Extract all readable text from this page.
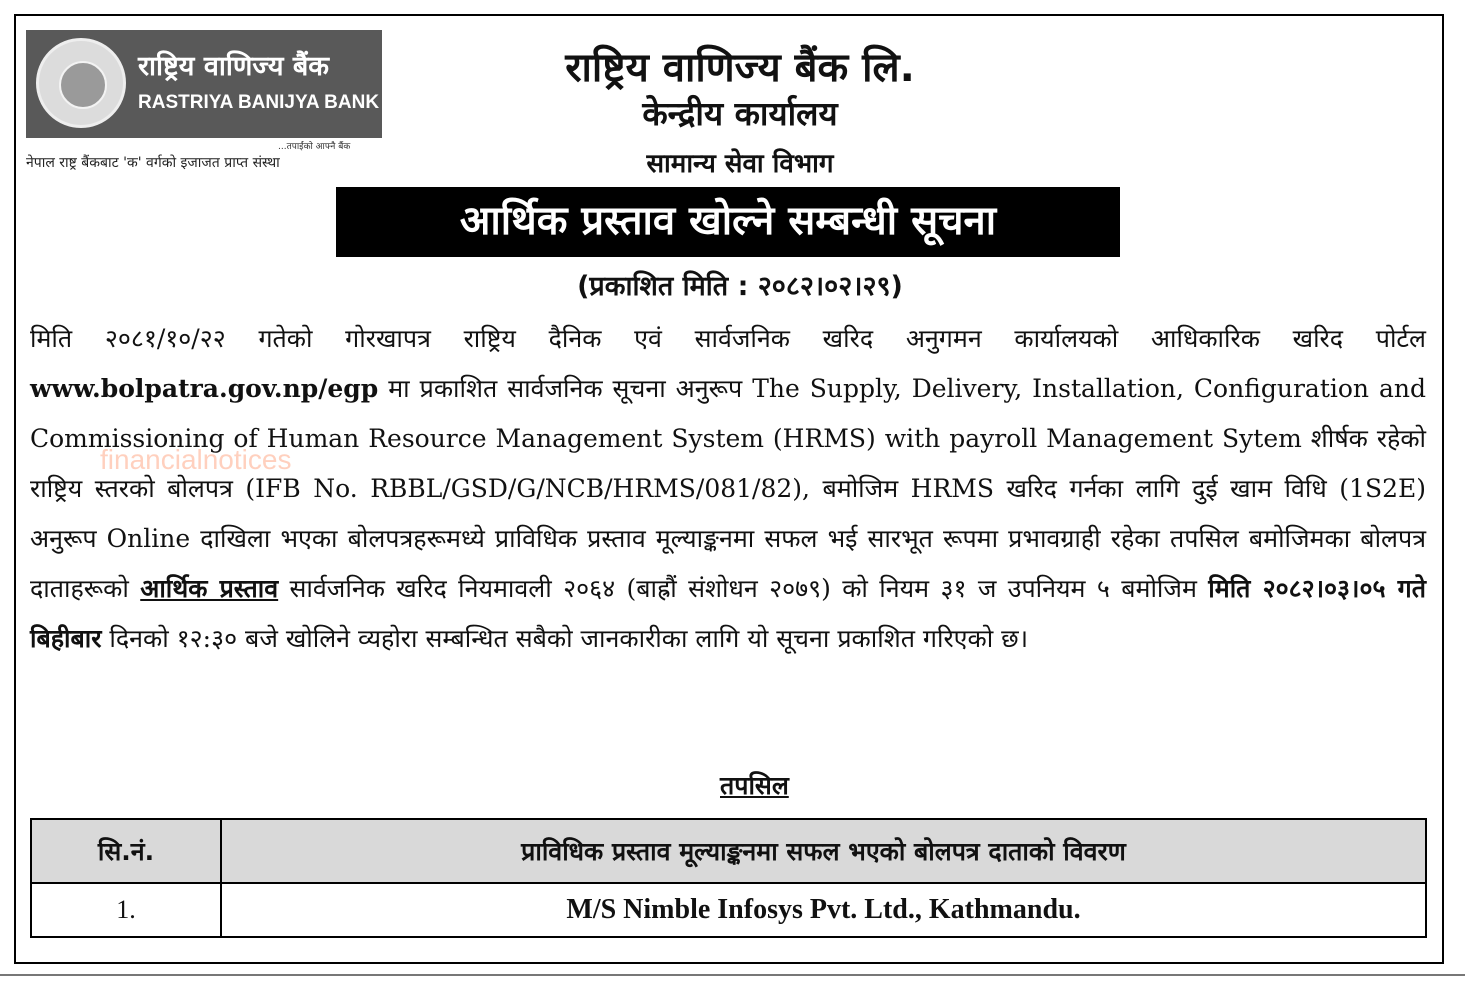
राष्ट्रिय वाणिज्य बैंक
RASTRIYA BANIJYA BANK
...तपाईंको आफ्नै बैंक
नेपाल राष्ट्र बैंकबाट 'क' वर्गको इजाजत प्राप्त संस्था
राष्ट्रिय वाणिज्य बैंक लि.
केन्द्रीय कार्यालय
सामान्य सेवा विभाग
आर्थिक प्रस्ताव खोल्ने सम्बन्धी सूचना
(प्रकाशित मिति : २०८२।०२।२९)
मिति २०८१/१०/२२ गतेको गोरखापत्र राष्ट्रिय दैनिक एवं सार्वजनिक खरिद अनुगमन कार्यालयको आधिकारिक खरिद पोर्टल www.bolpatra.gov.np/egp मा प्रकाशित सार्वजनिक सूचना अनुरूप The Supply, Delivery, Installation, Configuration and Commissioning of Human Resource Management System (HRMS) with payroll Management Sytem शीर्षक रहेको राष्ट्रिय स्तरको बोलपत्र (IFB No. RBBL/GSD/G/NCB/HRMS/081/82), बमोजिम HRMS खरिद गर्नका लागि दुई खाम विधि (1S2E) अनुरूप Online दाखिला भएका बोलपत्रहरूमध्ये प्राविधिक प्रस्ताव मूल्याङ्कनमा सफल भई सारभूत रूपमा प्रभावग्राही रहेका तपसिल बमोजिमका बोलपत्र दाताहरूको आर्थिक प्रस्ताव सार्वजनिक खरिद नियमावली २०६४ (बाह्रौं संशोधन २०७९) को नियम ३१ ज उपनियम ५ बमोजिम मिति २०८२।०३।०५ गते बिहीबार दिनको १२:३० बजे खोलिने व्यहोरा सम्बन्धित सबैको जानकारीका लागि यो सूचना प्रकाशित गरिएको छ।
financialnotices
तपसिल
सि.नं.	प्राविधिक प्रस्ताव मूल्याङ्कनमा सफल भएको बोलपत्र दाताको विवरण
1.	M/S Nimble Infosys Pvt. Ltd., Kathmandu.
